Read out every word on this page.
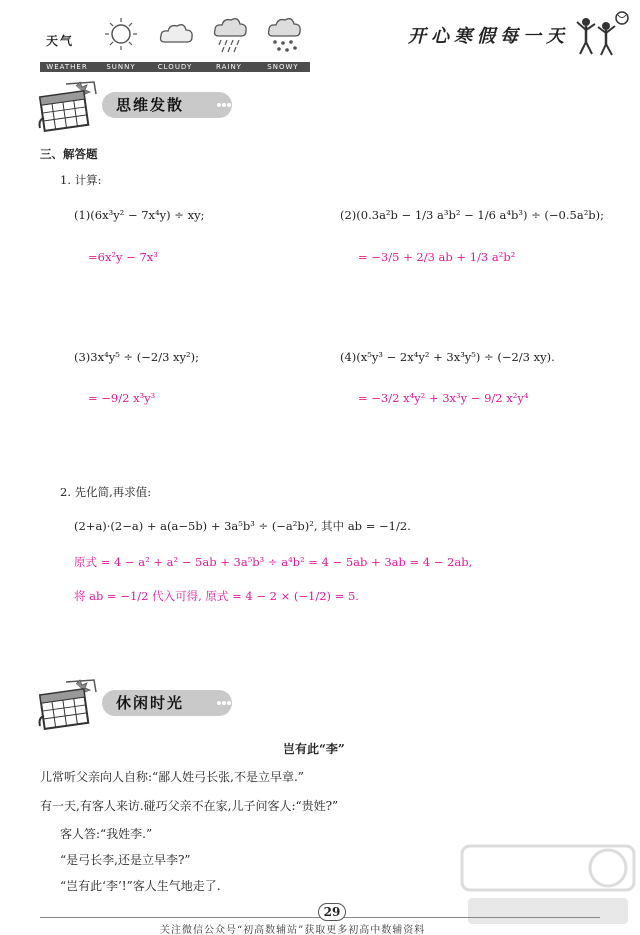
天气
WEATHER	SUNNY	CLOUDY	RAINY	SNOWY
开心寒假每一天
思维发散
三、解答题
1. 计算:
(1)(6x³y² − 7x⁴y) ÷ xy;
=6x²y − 7x³
(2)(0.3a²b − 1/3 a³b² − 1/6 a⁴b³) ÷ (−0.5a²b);
= −3/5 + 2/3 ab + 1/3 a²b²
(3)3x⁴y⁵ ÷ (−2/3 xy²);
= −9/2 x³y³
(4)(x⁵y³ − 2x⁴y² + 3x³y⁵) ÷ (−2/3 xy).
= −3/2 x⁴y² + 3x³y − 9/2 x²y⁴
2. 先化简,再求值:
(2+a)·(2−a) + a(a−5b) + 3a⁵b³ ÷ (−a²b)², 其中 ab = −1/2.
原式 = 4 − a² + a² − 5ab + 3a⁵b³ ÷ a⁴b² = 4 − 5ab + 3ab = 4 − 2ab,
将 ab = −1/2 代入可得, 原式 = 4 − 2 × (−1/2) = 5.
休闲时光
岂有此“李”
儿常听父亲向人自称:“鄙人姓弓长张,不是立早章.”
有一天,有客人来访.碰巧父亲不在家,儿子问客人:“贵姓?”
客人答:“我姓李.”
“是弓长李,还是立早李?”
“岂有此‘李’!”客人生气地走了.
29
关注微信公众号“初高数辅站”获取更多初高中数辅资料
